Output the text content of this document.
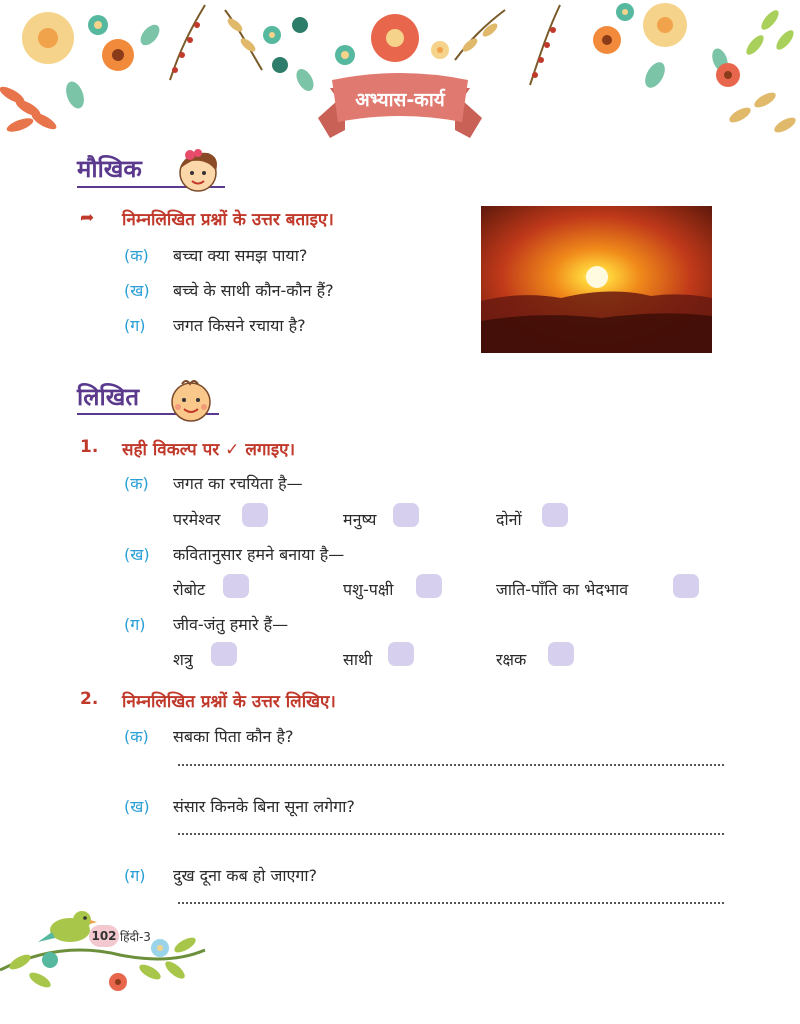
अभ्यास-कार्य
मौखिक
➦ निम्नलिखित प्रश्नों के उत्तर बताइए।
(क) बच्चा क्या समझ पाया?
(ख) बच्चे के साथी कौन-कौन हैं?
(ग) जगत किसने रचाया है?
लिखित
1. सही विकल्प पर ✓ लगाइए।
(क) जगत का रचयिता है—
परमेश्वर	मनुष्य	दोनों
(ख) कवितानुसार हमने बनाया है—
रोबोट	पशु-पक्षी	जाति-पाँति का भेदभाव
(ग) जीव-जंतु हमारे हैं—
शत्रु	साथी	रक्षक
2. निम्नलिखित प्रश्नों के उत्तर लिखिए।
(क) सबका पिता कौन है?
(ख) संसार किनके बिना सूना लगेगा?
(ग) दुख दूना कब हो जाएगा?
102 हिंदी-3
